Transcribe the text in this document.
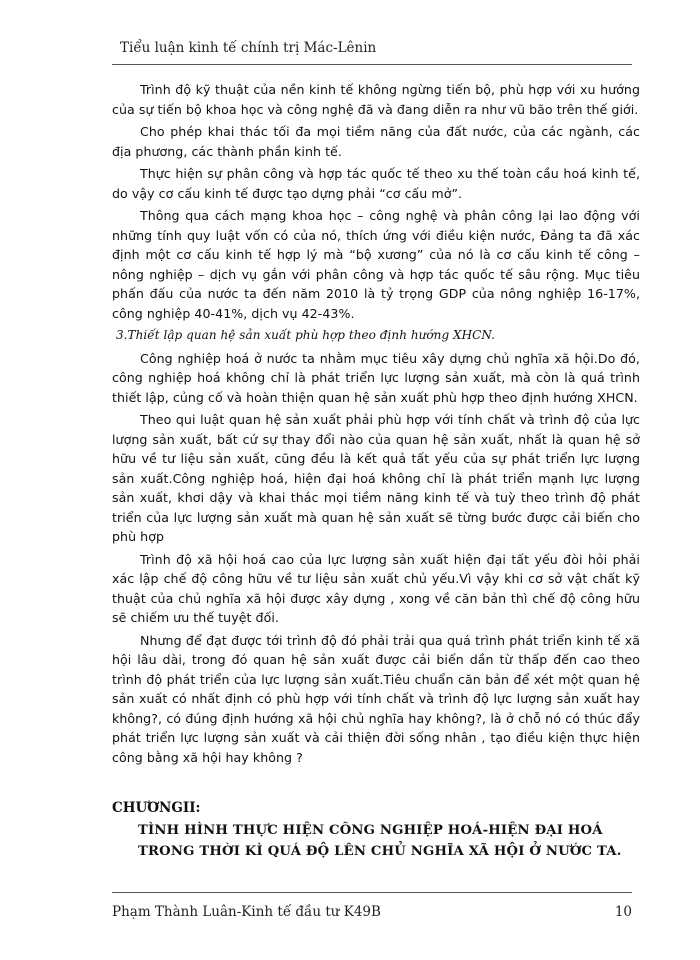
Tiểu luận kinh tế chính trị Mác-Lênin

Trình độ kỹ thuật của nền kinh tế không ngừng tiến bộ, phù hợp với xu hướng của sự tiến bộ khoa học và công nghệ đã và đang diễn ra như vũ bão trên thế giới.

Cho phép khai thác tối đa mọi tiềm năng của đất nước, của các ngành, các địa phương, các thành phần kinh tế.

Thực hiện sự phân công và hợp tác quốc tế theo xu thế toàn cầu hoá kinh tế, do vậy cơ cấu kinh tế được tạo dựng phải “cơ cấu mở”.

Thông qua cách mạng khoa học – công nghệ và phân công lại lao động với những tính quy luật vốn có của nó, thích ứng với điều kiện nước, Đảng ta đã xác định một cơ cấu kinh tế hợp lý mà “bộ xương” của nó là cơ cấu kinh tế công – nông nghiệp – dịch vụ gắn với phân công và hợp tác quốc tế sâu rộng. Mục tiêu phấn đấu của nước ta đến năm 2010 là tỷ trọng GDP của nông nghiệp 16-17%, công nghiệp 40-41%, dịch vụ 42-43%.

3.Thiết lập quan hệ sản xuất phù hợp theo định hướng XHCN.

Công nghiệp hoá ở nước ta nhằm mục tiêu xây dựng chủ nghĩa xã hội.Do đó, công nghiệp hoá không chỉ là phát triển lực lượng sản xuất, mà còn là quá trình thiết lập, củng cố và hoàn thiện quan hệ sản xuất phù hợp theo định hướng XHCN.

Theo qui luật quan hệ sản xuất phải phù hợp với tính chất và trình độ của lực lượng sản xuất, bất cứ sự thay đổi nào của quan hệ sản xuất, nhất là quan hệ sở hữu về tư liệu sản xuất, cũng đều là kết quả tất yếu của sự phát triển lực lượng sản xuất.Công nghiệp hoá, hiện đại hoá không chỉ là phát triển mạnh lực lượng sản xuất, khơi dậy và khai thác mọi tiềm năng kinh tế và tuỳ theo trình độ phát triển của lực lượng sản xuất mà quan hệ sản xuất sẽ từng bước được cải biến cho phù hợp

Trình độ xã hội hoá cao của lực lượng sản xuất hiện đại tất yếu đòi hỏi phải xác lập chế độ công hữu về tư liệu sản xuất chủ yếu.Vì vậy khi cơ sở vật chất kỹ thuật của chủ nghĩa xã hội được xây dựng , xong về căn bản thì chế độ công hữu sẽ chiếm ưu thế tuyệt đối.

Nhưng để đạt được tới trình độ đó phải trải qua quá trình phát triển kinh tế xã hội lâu dài, trong đó quan hệ sản xuất được cải biến dần từ thấp đến cao theo trình độ phát triển của lực lượng sản xuất.Tiêu chuẩn căn bản để xét một quan hệ sản xuất có nhất định có phù hợp với tính chất và trình độ lực lượng sản xuất hay không?, có đúng định hướng xã hội chủ nghĩa hay không?, là ở chỗ nó có thúc đẩy phát triển lực lượng sản xuất và cải thiện đời sống nhân , tạo điều kiện thực hiện công bằng xã hội hay không ?

CHƯƠNGII:
TÌNH HÌNH THỰC HIỆN CÔNG NGHIỆP HOÁ-HIỆN ĐẠI HOÁ
TRONG THỜI KÌ QUÁ ĐỘ LÊN CHỦ NGHĨA XÃ HỘI Ở NƯỚC TA.
Phạm Thành Luân-Kinh tế đầu tư K49B	10
